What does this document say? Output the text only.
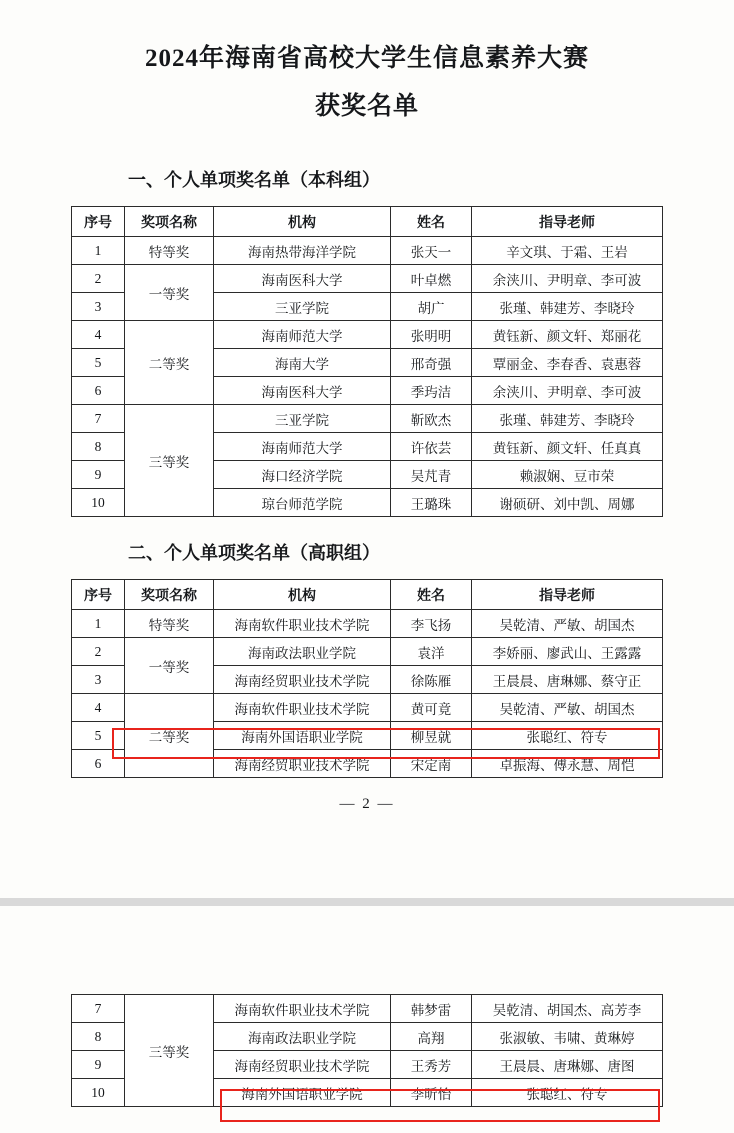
2024年海南省高校大学生信息素养大赛
获奖名单
一、个人单项奖名单（本科组）
序号	奖项名称	机构	姓名	指导老师
1	特等奖	海南热带海洋学院	张天一	辛文琪、于霜、王岩
2	一等奖	海南医科大学	叶卓燃	余浃川、尹明章、李可波
3		三亚学院	胡广	张瑾、韩建芳、李晓玲
4	二等奖	海南师范大学	张明明	黄钰新、颜文轩、郑丽花
5		海南大学	邢奇强	覃丽金、李春香、袁惠蓉
6		海南医科大学	季玙洁	余浃川、尹明章、李可波
7	三等奖	三亚学院	靳欧杰	张瑾、韩建芳、李晓玲
8		海南师范大学	许依芸	黄钰新、颜文轩、任真真
9		海口经济学院	吴芃青	赖淑娴、豆市荣
10		琼台师范学院	王璐珠	谢硕研、刘中凯、周娜
二、个人单项奖名单（高职组）
序号	奖项名称	机构	姓名	指导老师
1	特等奖	海南软件职业技术学院	李飞扬	吴乾清、严敏、胡国杰
2	一等奖	海南政法职业学院	袁洋	李娇丽、廖武山、王露露
3		海南经贸职业技术学院	徐陈雁	王晨晨、唐琳娜、蔡守正
4	二等奖	海南软件职业技术学院	黄可竟	吴乾清、严敏、胡国杰
5		海南外国语职业学院	柳昱就	张聪红、符专
6		海南经贸职业技术学院	宋定南	卓振海、傅永慧、周恺
— 2 —
7	三等奖	海南软件职业技术学院	韩梦雷	吴乾清、胡国杰、高芳李
8		海南政法职业学院	高翔	张淑敏、韦啸、黄琳婷
9		海南经贸职业技术学院	王秀芳	王晨晨、唐琳娜、唐图
10		海南外国语职业学院	李昕怡	张聪红、符专
